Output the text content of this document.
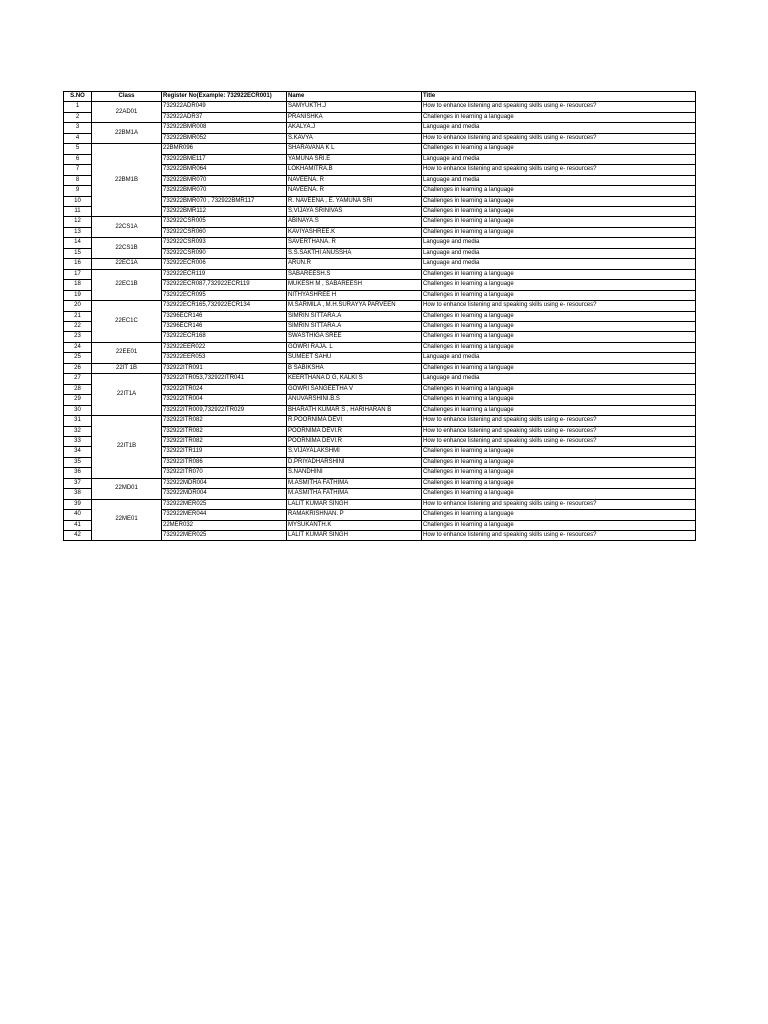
S.NO	Class	Register No(Example: 732922ECR001)	Name	Title
1	22AD01	732922ADR049	SAMYUKTH.J	How to enhance listening and speaking skills using e- resources?
2		732922ADR37	PRANISHKA	Challenges in learning a language
3	22BM1A	732922BMR008	AKALYA.J	Language and media
4		732922BMR052	S.KAVYA	How to enhance listening and speaking skills using e- resources?
5	22BM1B	22BMR096	SHARAVANA K L	Challenges in learning a language
6		732922BME117	YAMUNA SRI.E	Language and media
7		732922BMR064	LOKHAMITRA.B	How to enhance listening and speaking skills using e- resources?
8		732922BMR070	NAVEENA. R	Language and media
9		732922BMR070	NAVEENA. R	Challenges in learning a language
10		732922BMR070 , 732922BMR117	R. NAVEENA , E. YAMUNA SRI	Challenges in learning a language
11		732922BMR112	S.VIJAYA SRINIVAS	Challenges in learning a language
12	22CS1A	732922CSR005	ABINAYA.S	Challenges in learning a language
13		732922CSR060	KAVIYASHREE.K	Challenges in learning a language
14	22CS1B	732922CSR093	SAVERTHANA. R	Language and media
15		732922CSR090	S.S.SAKTHI ANUSSHA	Language and media
16	22EC1A	732922ECR006	ARUN.R	Language and media
17	22EC1B	732922ECR119	SABAREESH.S	Challenges in learning a language
18		732922ECR087,732922ECR119	MUKESH M , SABAREESH	Challenges in learning a language
19		732922ECR095	NITHYASHREE H	Challenges in learning a language
20	22EC1C	732922ECR165,732922ECR134	M.SARMILA , M.H.SURAYYA PARVEEN	How to enhance listening and speaking skills using e- resources?
21		73296ECR146	SIMRIN SITTARA.A	Challenges in learning a language
22		73296ECR146	SIMRIN SITTARA.A	Challenges in learning a language
23		732922ECR168	SWASTHIGA SREE	Challenges in learning a language
24	22EE01	732922EER022	GOWRI RAJA. L	Challenges in learning a language
25		732922EER053	SUMEET SAHU	Language and media
26	22IT 1B	732922ITR091	B SABIKSHA	Challenges in learning a language
27	22IT1A	732922ITR053,732922ITR041	KEERTHANA D G, KALKI S	Language and media
28		732922ITR024	GOWRI SANGEETHA V	Challenges in learning a language
29		732922ITR004	ANUVARSHINI.B.S	Challenges in learning a language
30		732922ITR009,732922ITR029	BHARATH KUMAR S , HARIHARAN B	Challenges in learning a language
31	22IT1B	732922ITR082	R.POORNIMA DEVI	How to enhance listening and speaking skills using e- resources?
32		732922ITR082	POORNIMA DEVI.R	How to enhance listening and speaking skills using e- resources?
33		732922ITR082	POORNIMA DEVI.R	How to enhance listening and speaking skills using e- resources?
34		732922ITR119	S.VIJAYALAKSHMI	Challenges in learning a language
35		732922ITR086	D.PRIYADHARSHINI	Challenges in learning a language
36		732922ITR070	S.NANDHINI	Challenges in learning a language
37	22MD01	732922MDR004	M.ASMITHA FATHIMA	Challenges in learning a language
38		732922MDR004	M.ASMITHA FATHIMA	Challenges in learning a language
39	22ME01	732922MER025	LALIT KUMAR SINGH	How to enhance listening and speaking skills using e- resources?
40		732922MER044	RAMAKRISHNAN. P	Challenges in learning a language
41		22MER032	MYSUKANTH.K	Challenges in learning a language
42		732922MER025	LALIT KUMAR SINGH	How to enhance listening and speaking skills using e- resources?
